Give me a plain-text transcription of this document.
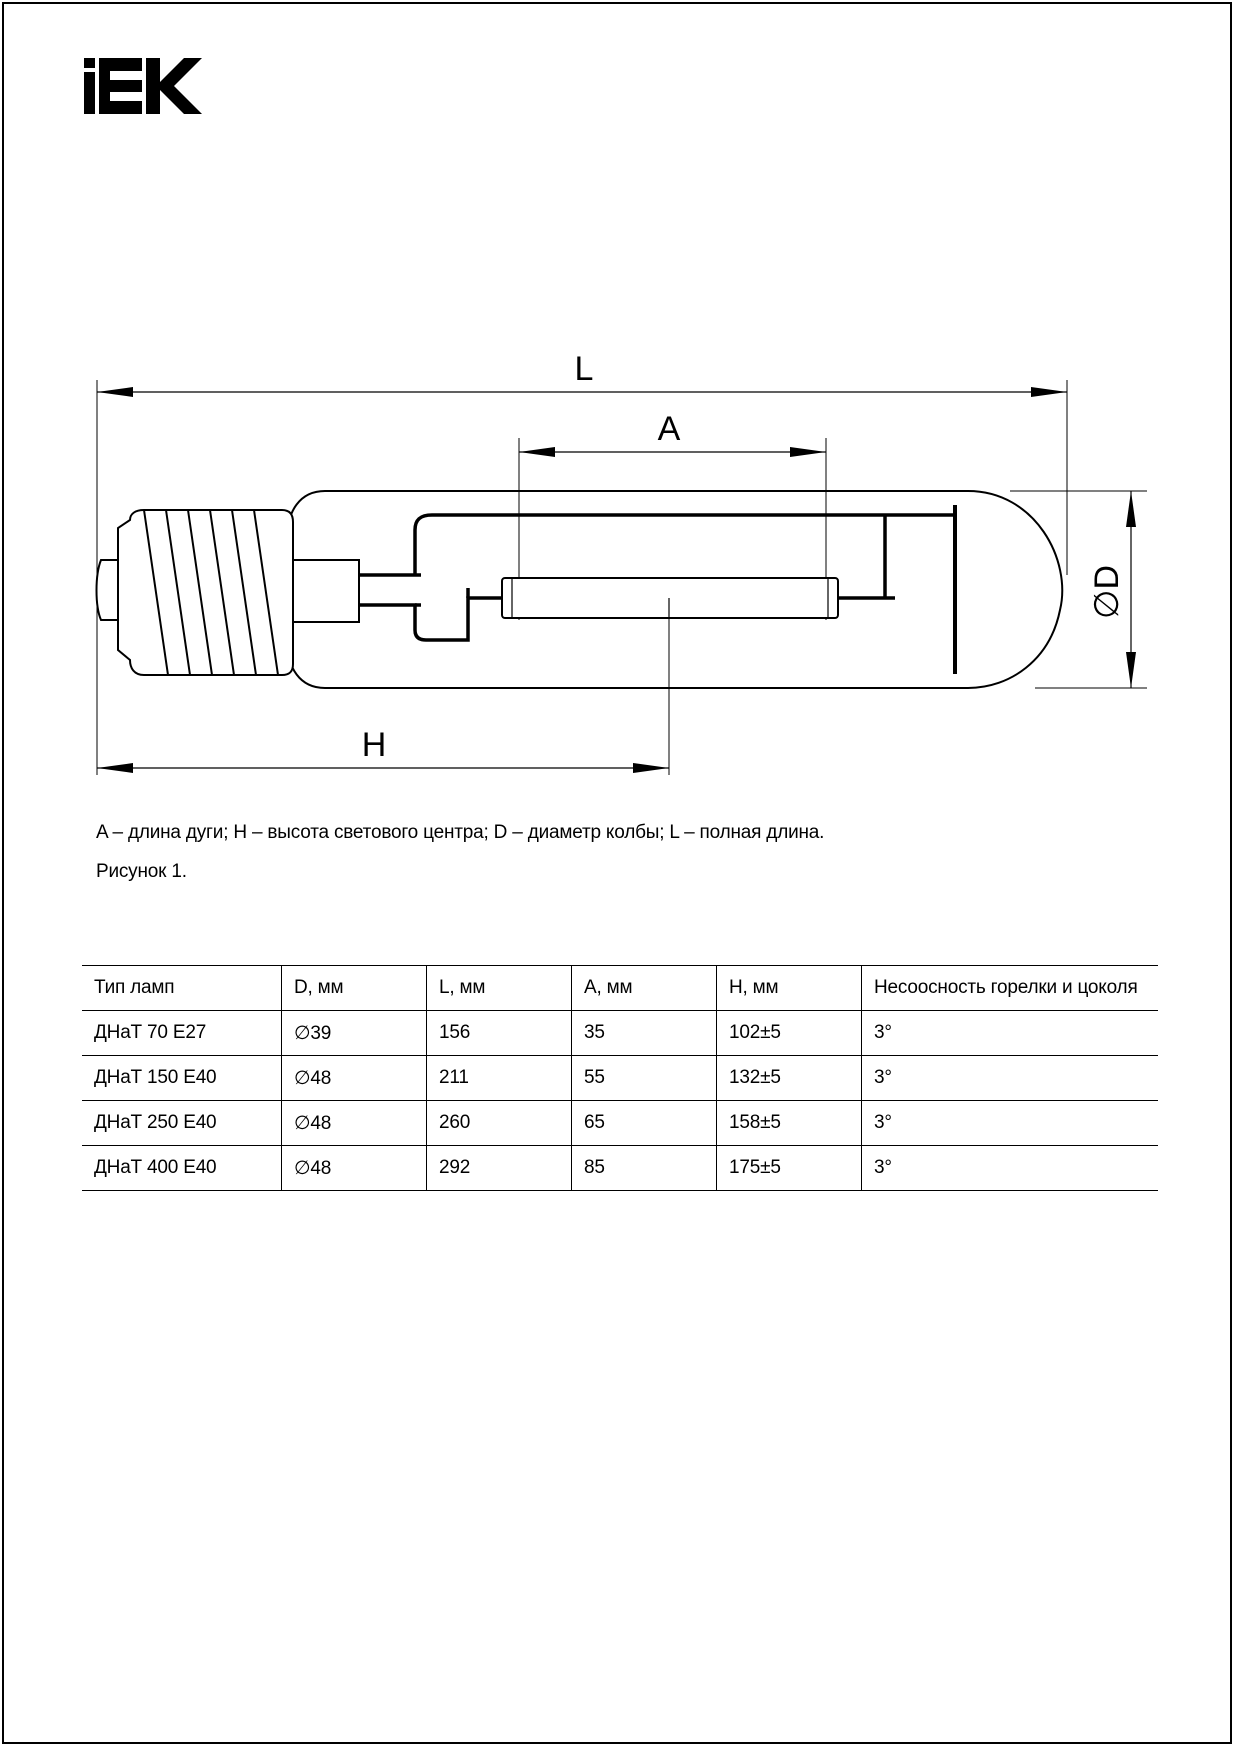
L
A
H
∅D
A – длина дуги; H – высота светового центра; D – диаметр колбы; L – полная длина.
Рисунок 1.
Тип ламп	D, мм	L, мм	A, мм	H, мм	Несоосность горелки и цоколя
ДНаТ 70 E27	∅39	156	35	102±5	3°
ДНаТ 150 E40	∅48	211	55	132±5	3°
ДНаТ 250 E40	∅48	260	65	158±5	3°
ДНаТ 400 E40	∅48	292	85	175±5	3°
